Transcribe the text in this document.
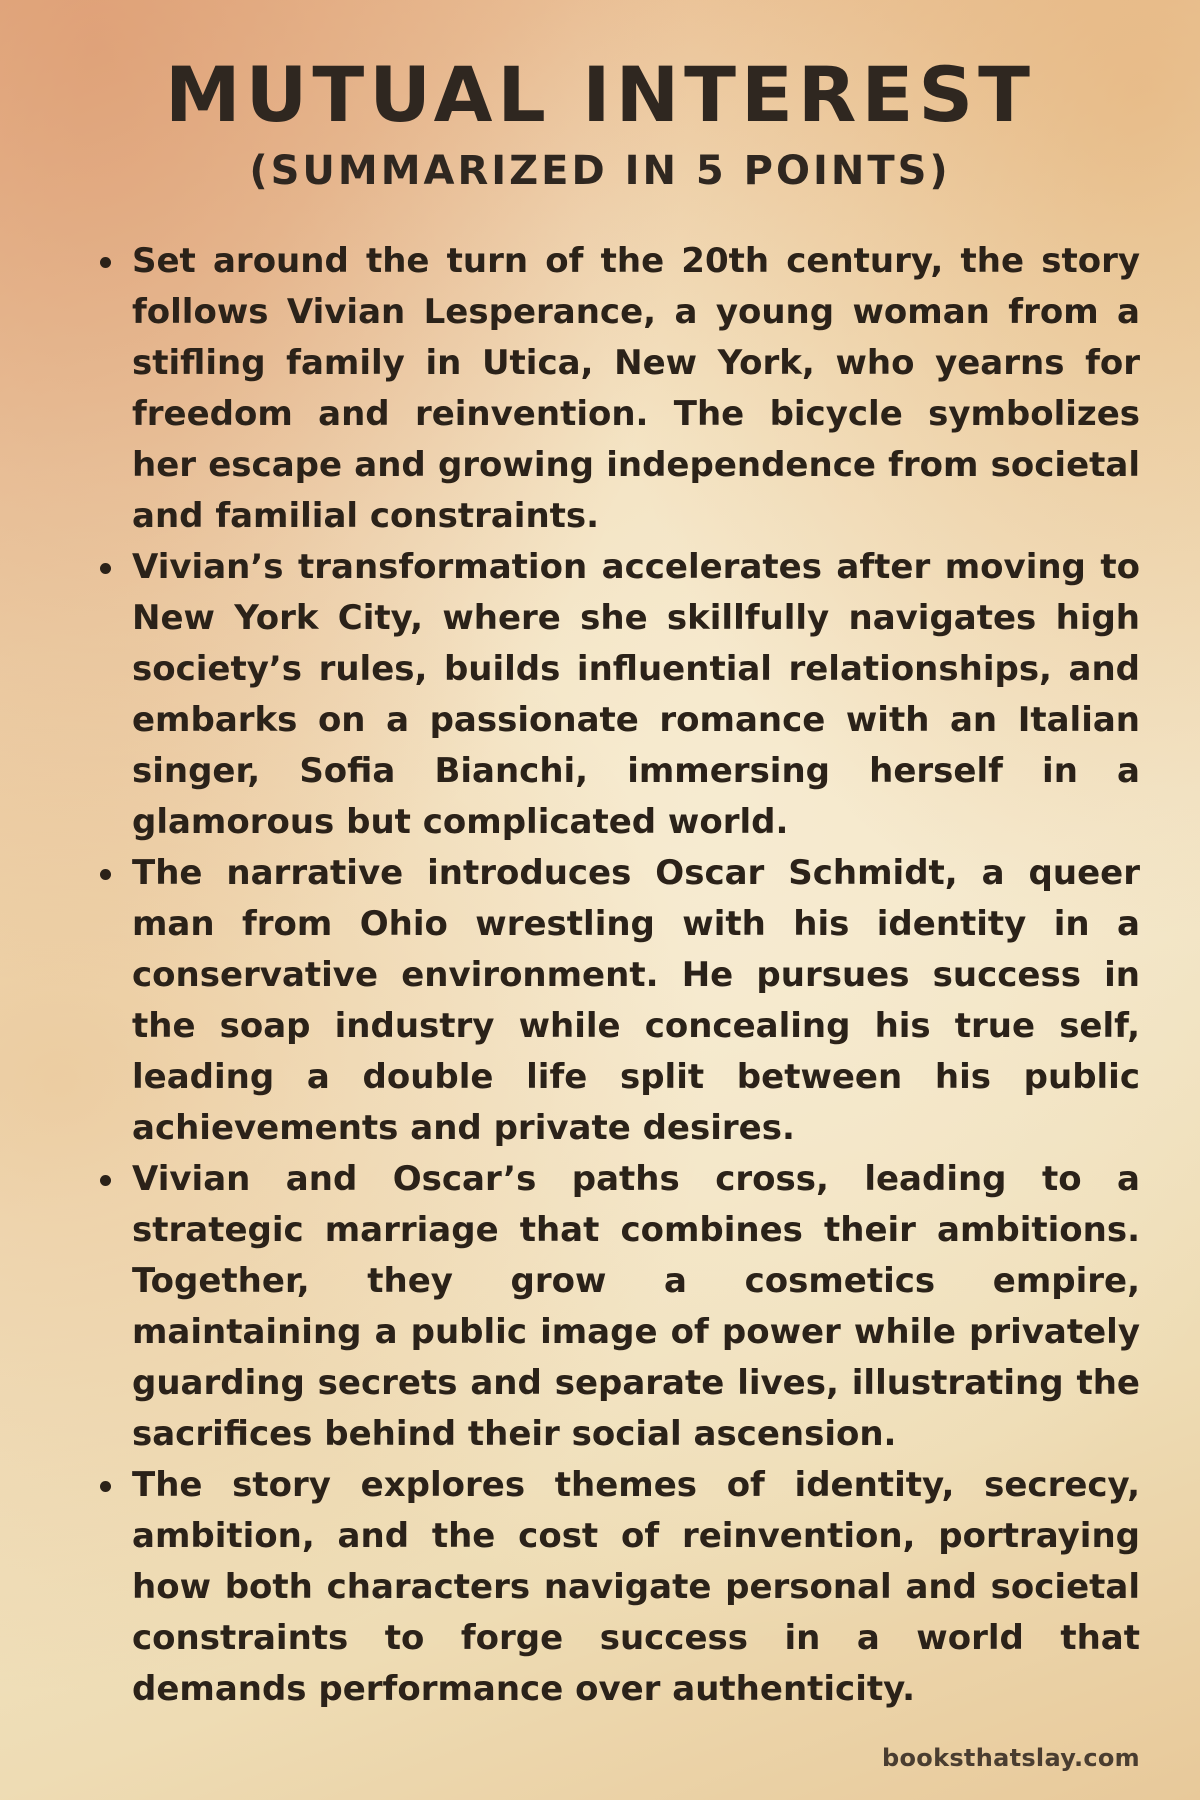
MUTUAL INTEREST
(SUMMARIZED IN 5 POINTS)
Set around the turn of the 20th century, the story follows Vivian Lesperance, a young woman from a stifling family in Utica, New York, who yearns for freedom and reinvention. The bicycle symbolizes her escape and growing independence from societal and familial constraints.
Vivian’s transformation accelerates after moving to New York City, where she skillfully navigates high society’s rules, builds influential relationships, and embarks on a passionate romance with an Italian singer, Sofia Bianchi, immersing herself in a glamorous but complicated world.
The narrative introduces Oscar Schmidt, a queer man from Ohio wrestling with his identity in a conservative environment. He pursues success in the soap industry while concealing his true self, leading a double life split between his public achievements and private desires.
Vivian and Oscar’s paths cross, leading to a strategic marriage that combines their ambitions. Together, they grow a cosmetics empire, maintaining a public image of power while privately guarding secrets and separate lives, illustrating the sacrifices behind their social ascension.
The story explores themes of identity, secrecy, ambition, and the cost of reinvention, portraying how both characters navigate personal and societal constraints to forge success in a world that demands performance over authenticity.
booksthatslay.com
